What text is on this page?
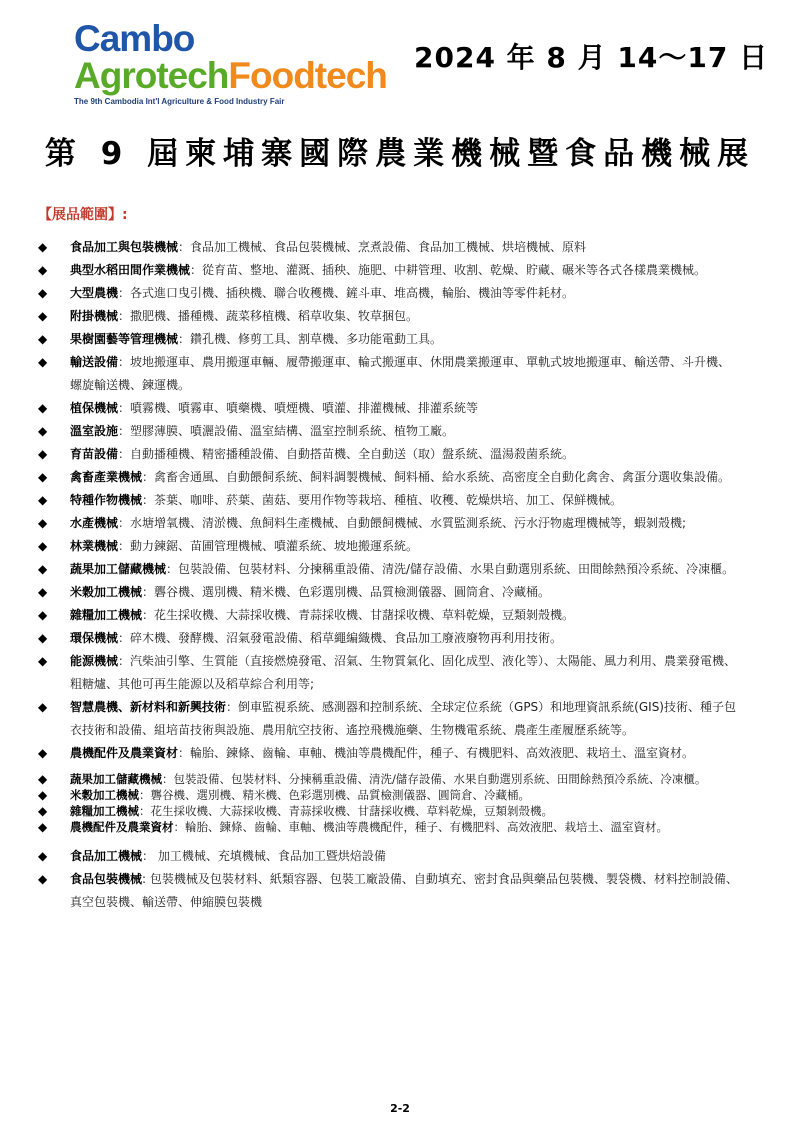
Cambo
AgrotechFoodtech
The 9th Cambodia Int'l Agriculture & Food Industry Fair
2024 年 8 月 14～17 日
第 9 屆柬埔寨國際農業機械暨食品機械展
【展品範圍】:
◆	食品加工與包裝機械：食品加工機械、食品包裝機械、烹煮設備、食品加工機械、烘培機械、原料
◆	典型水稻田間作業機械：從育苗、整地、灌溉、插秧、施肥、中耕管理、收割、乾燥、貯藏、碾米等各式各樣農業機械。
◆	大型農機：各式進口曳引機、插秧機、聯合收穫機、鏟斗車、堆高機，輪胎、機油等零件耗材。
◆	附掛機械：撒肥機、播種機、蔬菜移植機、稻草收集、牧草捆包。
◆	果樹園藝等管理機械：鑽孔機、修剪工具、割草機、多功能電動工具。
◆	輸送設備：坡地搬運車、農用搬運車輛、履帶搬運車、輪式搬運車、休閒農業搬運車、單軌式坡地搬運車、輸送帶、斗升機、螺旋輸送機、鍊運機。
◆	植保機械：噴霧機、噴霧車、噴藥機、噴煙機、噴灌、排灌機械、排灌系統等
◆	溫室設施：塑膠薄膜、噴灑設備、溫室結構、溫室控制系統、植物工廠。
◆	育苗設備：自動播種機、精密播種設備、自動搭苗機、全自動送（取）盤系統、溫湯殺菌系統。
◆	禽畜產業機械：禽畜舍通風、自動餵飼系統、飼料調製機械、飼料桶、給水系統、高密度全自動化禽舍、禽蛋分選收集設備。
◆	特種作物機械：茶葉、咖啡、菸葉、菌菇、要用作物等栽培、種植、收穫、乾燥烘培、加工、保鮮機械。
◆	水產機械：水塘增氧機、清淤機、魚飼料生產機械、自動餵飼機械、水質監測系統、污水汙物處理機械等，蝦剝殼機;
◆	林業機械：動力鍊鋸、苗圃管理機械、噴灌系統、坡地搬運系統。
◆	蔬果加工儲藏機械：包裝設備、包裝材料、分揀稱重設備、清洗/儲存設備、水果自動選別系統、田間餘熱預冷系統、冷凍櫃。
◆	米穀加工機械：礱谷機、選別機、精米機、色彩選別機、品質檢測儀器、圓筒倉、冷藏桶。
◆	雜糧加工機械：花生採收機、大蒜採收機、青蒜採收機、甘藷採收機、草料乾燥，豆類剝殼機。
◆	環保機械：碎木機、發酵機、沼氣發電設備、稻草繩編織機、食品加工廢液廢物再利用技術。
◆	能源機械：汽柴油引擎、生質能（直接燃燒發電、沼氣、生物質氣化、固化成型、液化等）、太陽能、風力利用、農業發電機、粗糖爐、其他可再生能源以及稻草綜合利用等;
◆	智慧農機、新材料和新興技術：倒車監視系統、感測器和控制系統、全球定位系統（GPS）和地理資訊系統(GIS)技術、種子包衣技術和設備、組培苗技術與設施、農用航空技術、遙控飛機施藥、生物機電系統、農產生產履歷系統等。
◆	農機配件及農業資材：輪胎、鍊條、齒輪、車軸、機油等農機配件，種子、有機肥料、高效液肥、栽培土、溫室資材。
◆	蔬果加工儲藏機械：包裝設備、包裝材料、分揀稱重設備、清洗/儲存設備、水果自動選別系統、田間餘熱預冷系統、冷凍櫃。
◆	米穀加工機械：礱谷機、選別機、精米機、色彩選別機、品質檢測儀器、圓筒倉、冷藏桶。
◆	雜糧加工機械：花生採收機、大蒜採收機、青蒜採收機、甘藷採收機、草料乾燥，豆類剝殼機。
◆	農機配件及農業資材：輪胎、鍊條、齒輪、車軸、機油等農機配件，種子、有機肥料、高效液肥、栽培土、溫室資材。
◆	食品加工機械： 加工機械、充填機械、食品加工暨烘焙設備
◆	食品包裝機械: 包裝機械及包裝材料、紙類容器、包裝工廠設備、自動填充、密封食品與藥品包裝機、製袋機、材料控制設備、真空包裝機、輸送帶、伸縮膜包裝機
2-2
